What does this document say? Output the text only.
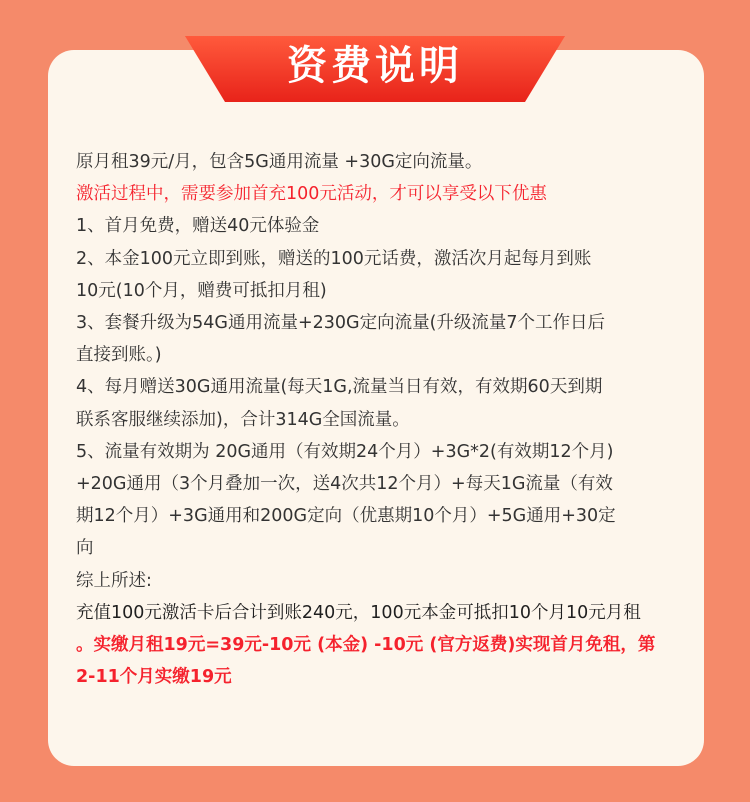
资费说明
原月租39元/月，包含5G通用流量 +30G定向流量。
激活过程中，需要参加首充100元活动，才可以享受以下优惠
1、首月免费，赠送40元体验金
2、本金100元立即到账，赠送的100元话费，激活次月起每月到账
10元(10个月，赠费可抵扣月租)
3、套餐升级为54G通用流量+230G定向流量(升级流量7个工作日后
直接到账。)
4、每月赠送30G通用流量(每天1G,流量当日有效，有效期60天到期
联系客服继续添加)，合计314G全国流量。
5、流量有效期为 20G通用（有效期24个月）+3G*2(有效期12个月)
+20G通用（3个月叠加一次，送4次共12个月）+每天1G流量（有效
期12个月）+3G通用和200G定向（优惠期10个月）+5G通用+30定
向
综上所述:
充值100元激活卡后合计到账240元，100元本金可抵扣10个月10元月租
。实缴月租19元=39元-10元 (本金) -10元 (官方返费)实现首月免租，第
2-11个月实缴19元
